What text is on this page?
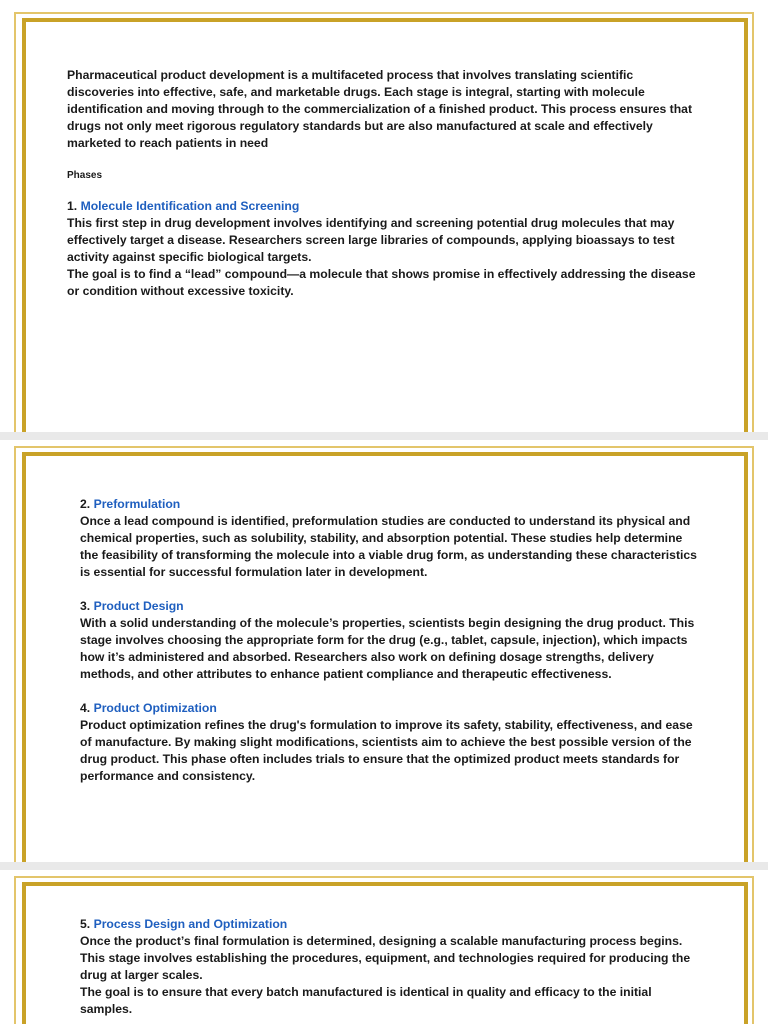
Pharmaceutical product development is a multifaceted process that involves translating scientific discoveries into effective, safe, and marketable drugs. Each stage is integral, starting with molecule identification and moving through to the commercialization of a finished product. This process ensures that drugs not only meet rigorous regulatory standards but are also manufactured at scale and effectively marketed to reach patients in need

Phases

1. Molecule Identification and Screening

This first step in drug development involves identifying and screening potential drug molecules that may effectively target a disease. Researchers screen large libraries of compounds, applying bioassays to test activity against specific biological targets.

The goal is to find a “lead” compound—a molecule that shows promise in effectively addressing the disease or condition without excessive toxicity.

2. Preformulation

Once a lead compound is identified, preformulation studies are conducted to understand its physical and chemical properties, such as solubility, stability, and absorption potential. These studies help determine the feasibility of transforming the molecule into a viable drug form, as understanding these characteristics is essential for successful formulation later in development.

3. Product Design

With a solid understanding of the molecule’s properties, scientists begin designing the drug product. This stage involves choosing the appropriate form for the drug (e.g., tablet, capsule, injection), which impacts how it’s administered and absorbed. Researchers also work on defining dosage strengths, delivery methods, and other attributes to enhance patient compliance and therapeutic effectiveness.

4. Product Optimization

Product optimization refines the drug's formulation to improve its safety, stability, effectiveness, and ease of manufacture. By making slight modifications, scientists aim to achieve the best possible version of the drug product. This phase often includes trials to ensure that the optimized product meets standards for performance and consistency.

5. Process Design and Optimization

Once the product’s final formulation is determined, designing a scalable manufacturing process begins. This stage involves establishing the procedures, equipment, and technologies required for producing the drug at larger scales.

The goal is to ensure that every batch manufactured is identical in quality and efficacy to the initial samples.
